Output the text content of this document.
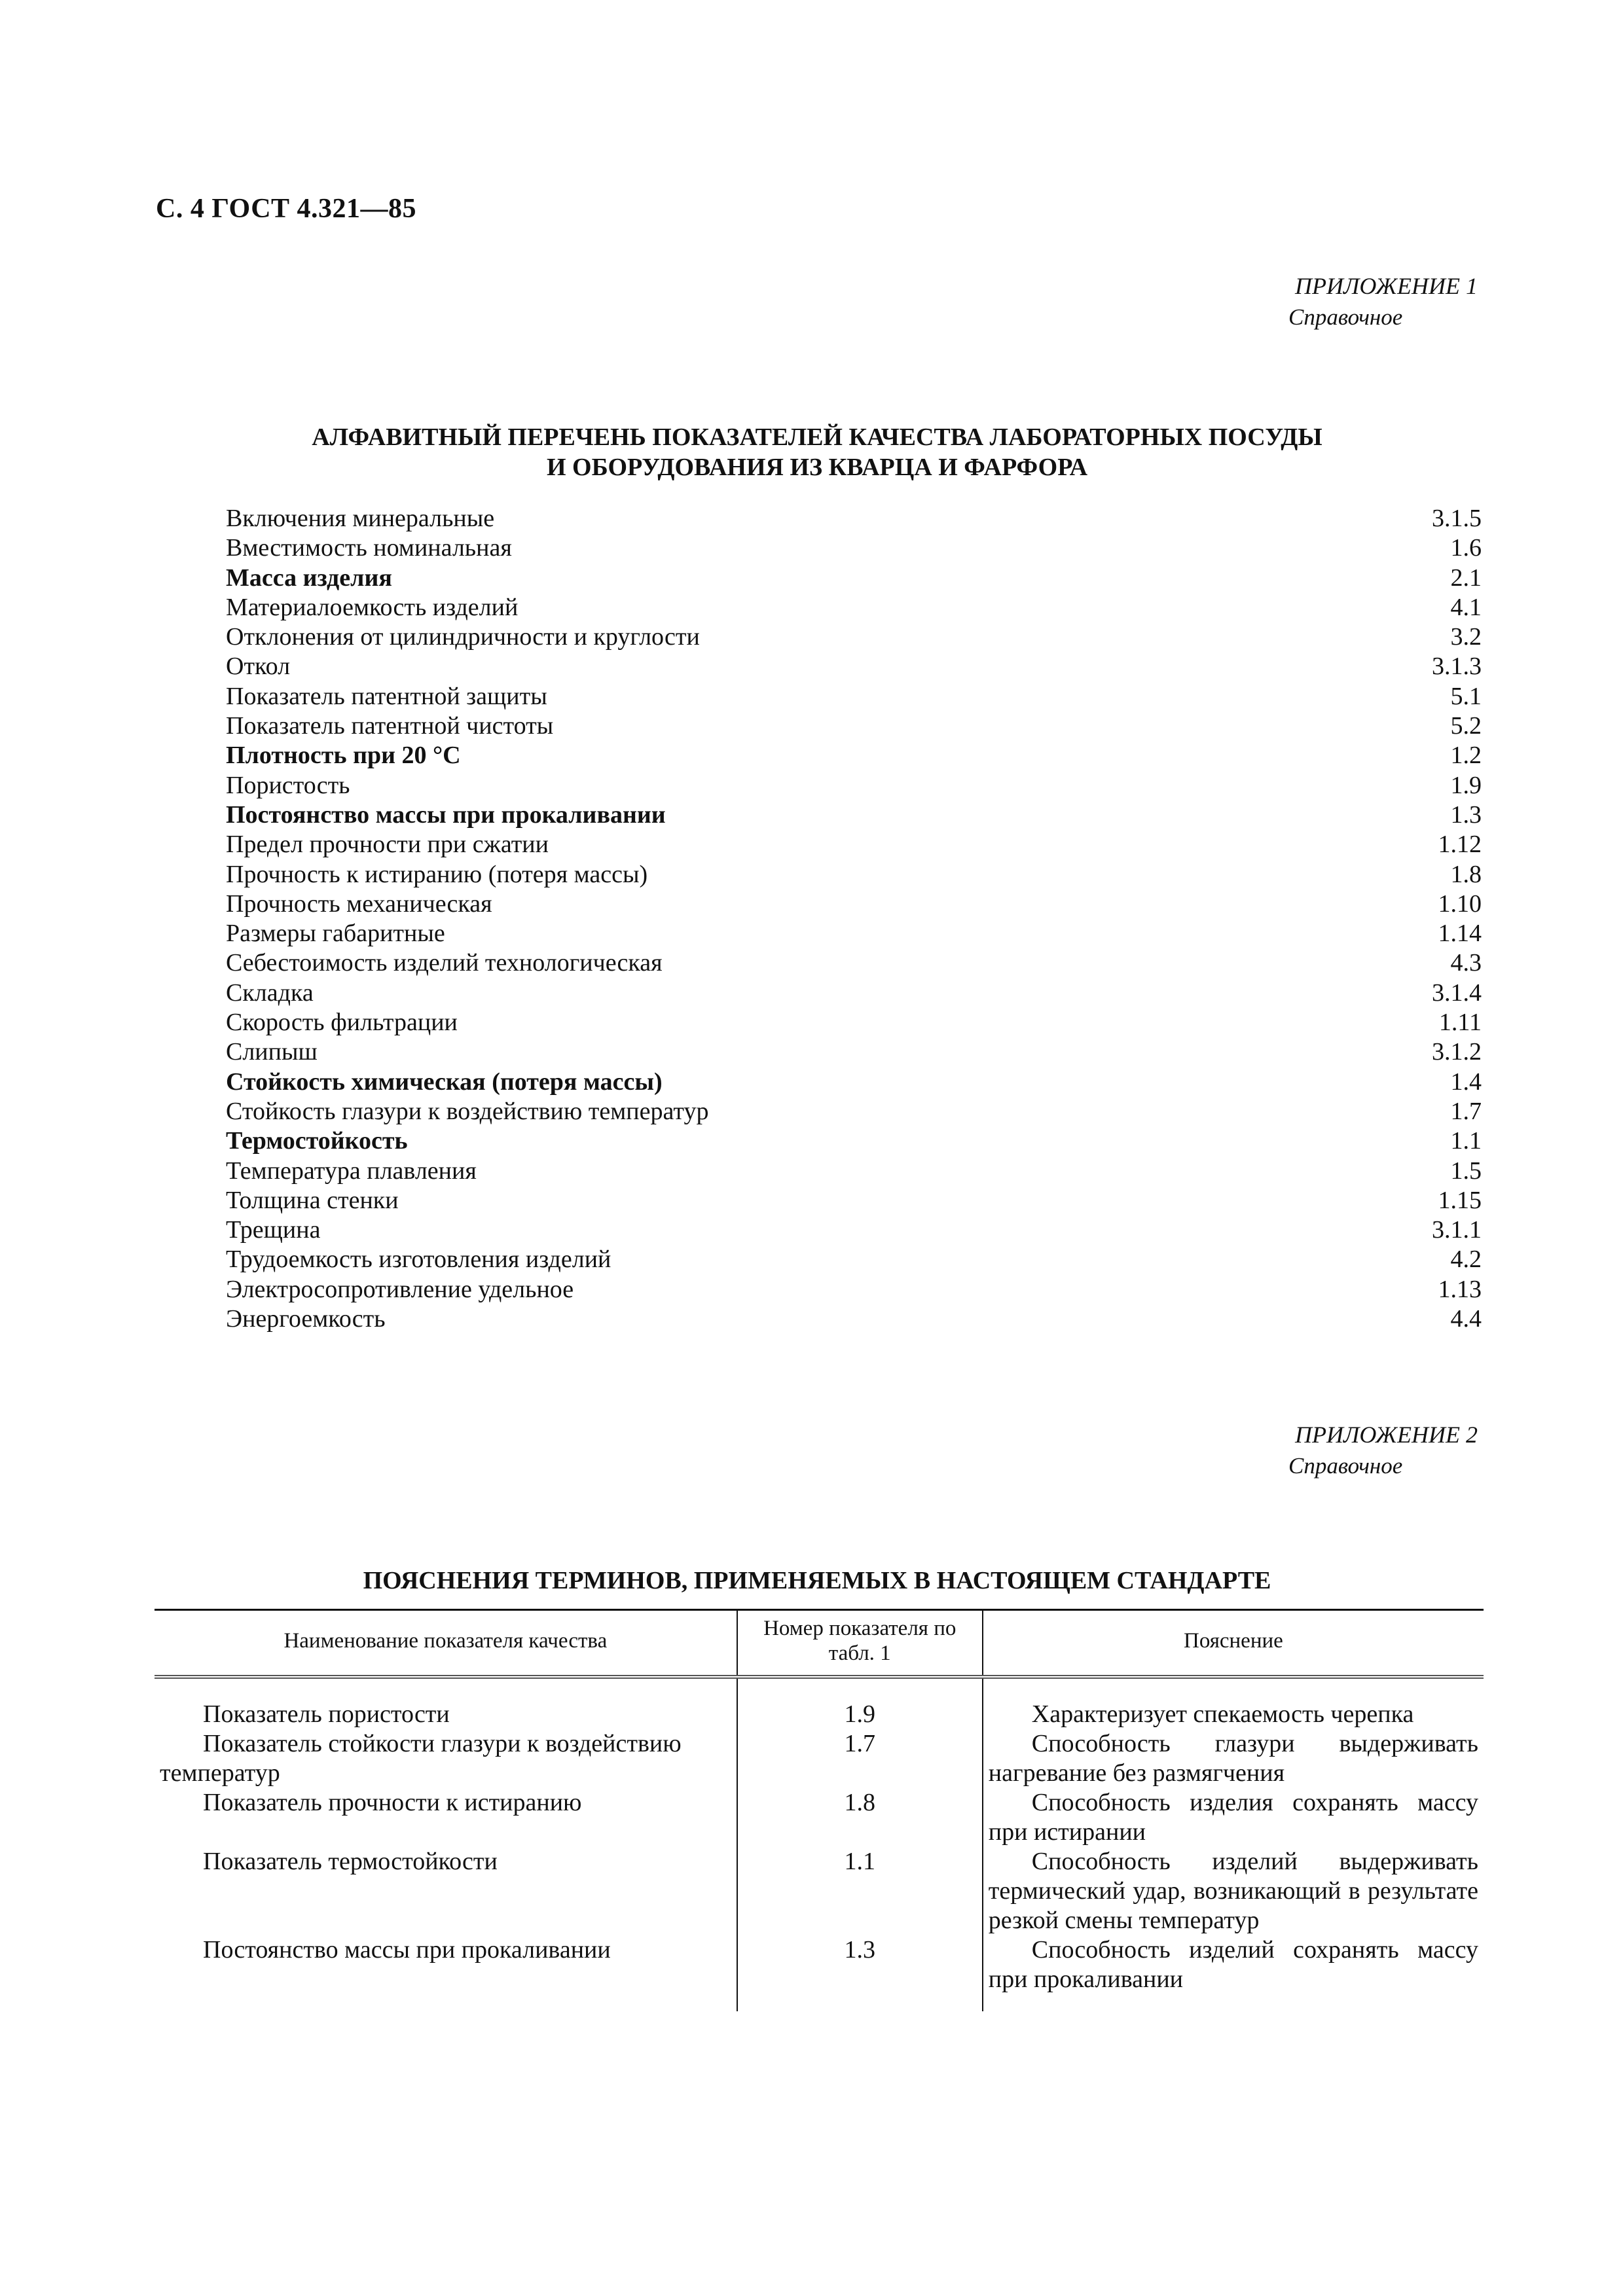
С. 4 ГОСТ 4.321—85
ПРИЛОЖЕНИЕ 1
Справочное
АЛФАВИТНЫЙ ПЕРЕЧЕНЬ ПОКАЗАТЕЛЕЙ КАЧЕСТВА ЛАБОРАТОРНЫХ ПОСУДЫ
И ОБОРУДОВАНИЯ ИЗ КВАРЦА И ФАРФОРА
Включения минеральные	3.1.5
Вместимость номинальная	1.6
Масса изделия	2.1
Материалоемкость изделий	4.1
Отклонения от цилиндричности и круглости	3.2
Откол	3.1.3
Показатель патентной защиты	5.1
Показатель патентной чистоты	5.2
Плотность при 20 °С	1.2
Пористость	1.9
Постоянство массы при прокаливании	1.3
Предел прочности при сжатии	1.12
Прочность к истиранию (потеря массы)	1.8
Прочность механическая	1.10
Размеры габаритные	1.14
Себестоимость изделий технологическая	4.3
Складка	3.1.4
Скорость фильтрации	1.11
Слипыш	3.1.2
Стойкость химическая (потеря массы)	1.4
Стойкость глазури к воздействию температур	1.7
Термостойкость	1.1
Температура плавления	1.5
Толщина стенки	1.15
Трещина	3.1.1
Трудоемкость изготовления изделий	4.2
Электросопротивление удельное	1.13
Энергоемкость	4.4
ПРИЛОЖЕНИЕ 2
Справочное
ПОЯСНЕНИЯ ТЕРМИНОВ, ПРИМЕНЯЕМЫХ В НАСТОЯЩЕМ СТАНДАРТЕ
Наименование показателя качества	Номер показателя по табл. 1	Пояснение
Показатель пористости	1.9	Характеризует спекаемость черепка
Показатель стойкости глазури к воздействию температур	1.7	Способность глазури выдерживать нагревание без размягчения
Показатель прочности к истиранию	1.8	Способность изделия сохранять массу при истирании
Показатель термостойкости	1.1	Способность изделий выдерживать термический удар, возникающий в результате резкой смены температур
Постоянство массы при прокаливании	1.3	Способность изделий сохранять массу при прокаливании
